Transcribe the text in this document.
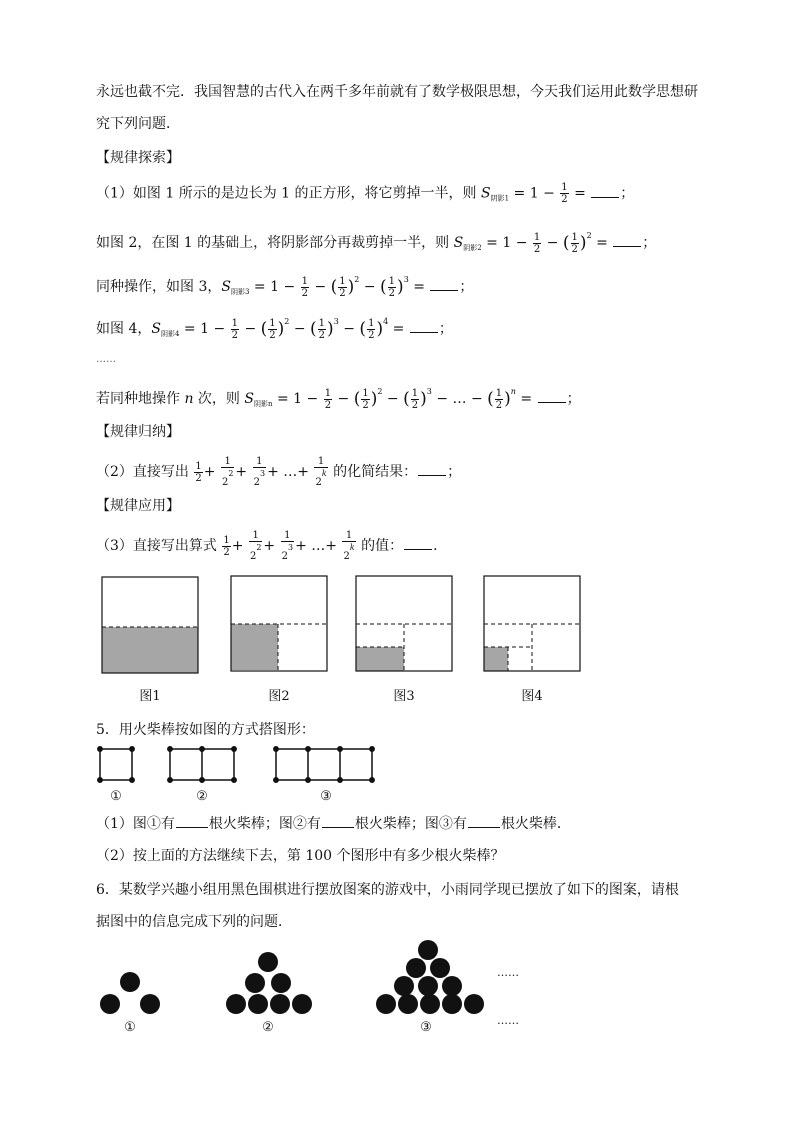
永远也截不完．我国智慧的古代入在两千多年前就有了数学极限思想，今天我们运用此数学思想研
究下列问题．
【规律探索】
（1）如图 1 所示的是边长为 1 的正方形，将它剪掉一半，则 $S_{阴影1} = 1 - \frac{1}{2}$ = ；
如图 2，在图 1 的基础上，将阴影部分再裁剪掉一半，则 $S_{阴影2} = 1 - \frac{1}{2}$ − ( $\frac{1}{2} )^2$ = ；
同种操作，如图 3，$S_{阴影3} = 1 - \frac{1}{2}$ − ( $\frac{1}{2} )^2$ − ( $\frac{1}{2} )^3$ = ；
如图 4，$S_{阴影4} = 1 - \frac{1}{2}$ − ( $\frac{1}{2} )^2$ − ( $\frac{1}{2} )^3$ − ( $\frac{1}{2} )^4$ = ；
……
若同种地操作 n 次，则 $S_{阴影n} = 1 - \frac{1}{2}$ − ( $\frac{1}{2} )^2$ − ( $\frac{1}{2} )^3$ − … − ( $\frac{1}{2} )^n$ = ；
【规律归纳】
（2）直接写出 $\frac{1}{2} + \frac{1}{2^2} + \frac{1}{2^3}$ + …+ $\frac{1}{2^k}$ 的化简结果： ；
【规律应用】
（3）直接写出算式 $\frac{1}{2} + \frac{1}{2^2} + \frac{1}{2^3}$ + …+ $\frac{1}{2^k}$ 的值： ．
图1	图2	图3	图4
5．用火柴棒按如图的方式搭图形：
①	②	③
（1）图①有 根火柴棒；图②有 根火柴棒；图③有 根火柴棒．
（2）按上面的方法继续下去，第 100 个图形中有多少根火柴棒？
6．某数学兴趣小组用黑色围棋进行摆放图案的游戏中，小雨同学现已摆放了如下的图案，请根
据图中的信息完成下列的问题．
①	②	③
……
……
